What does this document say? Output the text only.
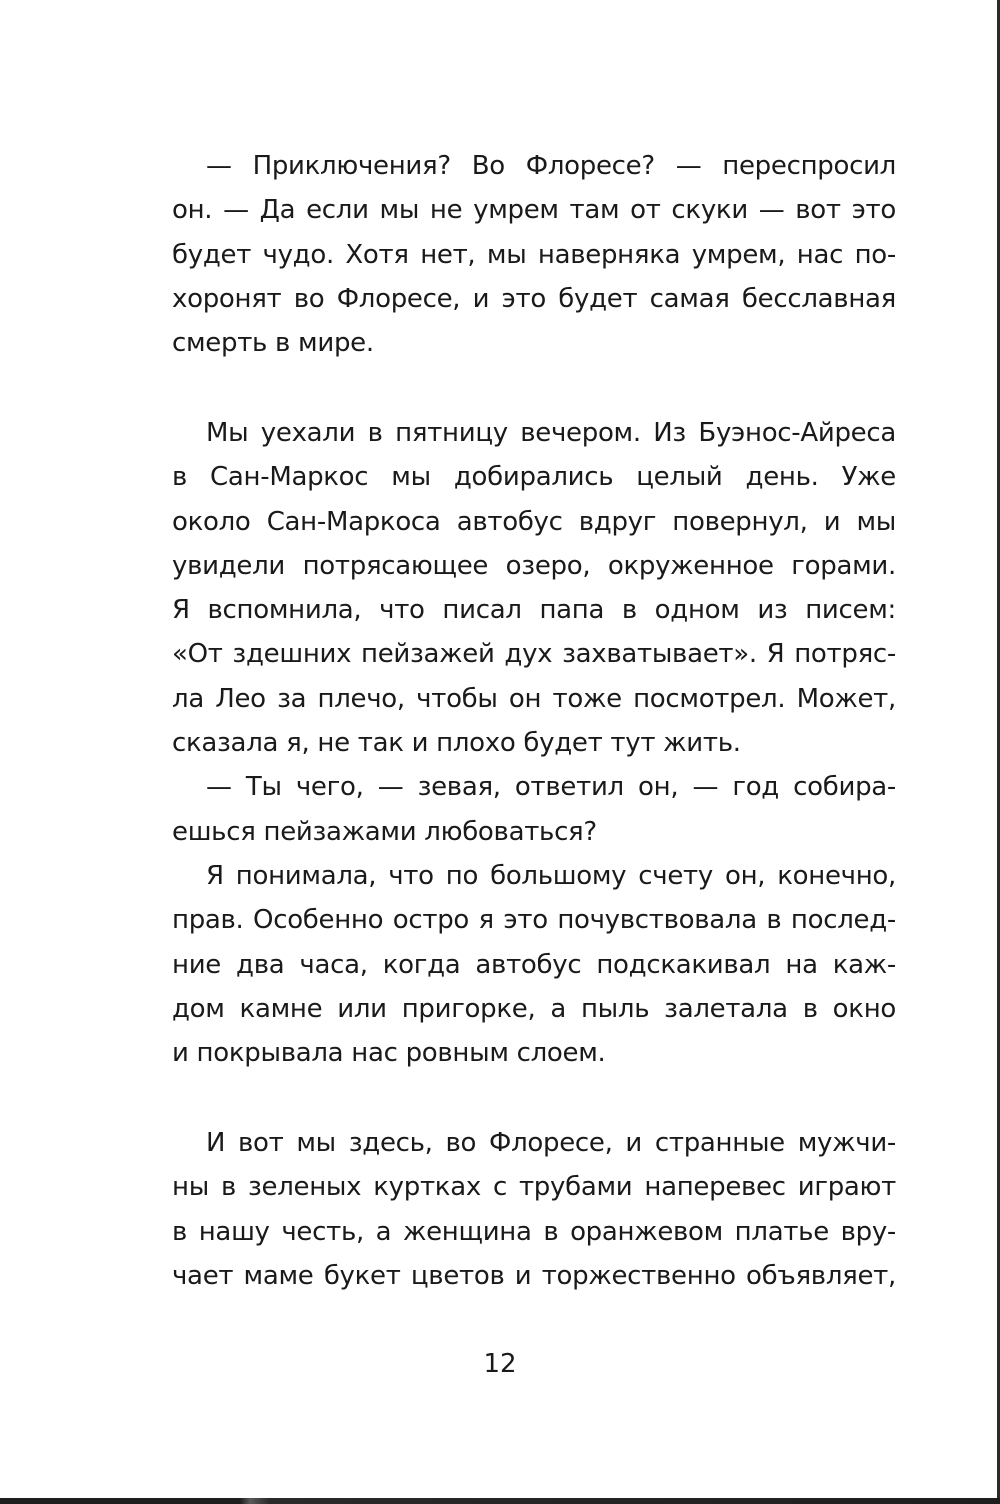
— Приключения? Во Флоресе? — переспросил
он. — Да если мы не умрем там от скуки — вот это
будет чудо. Хотя нет, мы наверняка умрем, нас по-
хоронят во Флоресе, и это будет самая бесславная
смерть в мире.
Мы уехали в пятницу вечером. Из Буэнос-Айреса
в Сан-Маркос мы добирались целый день. Уже
около Сан-Маркоса автобус вдруг повернул, и мы
увидели потрясающее озеро, окруженное горами.
Я вспомнила, что писал папа в одном из писем:
«От здешних пейзажей дух захватывает». Я потряс-
ла Лео за плечо, чтобы он тоже посмотрел. Может,
сказала я, не так и плохо будет тут жить.
— Ты чего, — зевая, ответил он, — год собира-
ешься пейзажами любоваться?
Я понимала, что по большому счету он, конечно,
прав. Особенно остро я это почувствовала в послед-
ние два часа, когда автобус подскакивал на каж-
дом камне или пригорке, а пыль залетала в окно
и покрывала нас ровным слоем.
И вот мы здесь, во Флоресе, и странные мужчи-
ны в зеленых куртках с трубами наперевес играют
в нашу честь, а женщина в оранжевом платье вру-
чает маме букет цветов и торжественно объявляет,
12
